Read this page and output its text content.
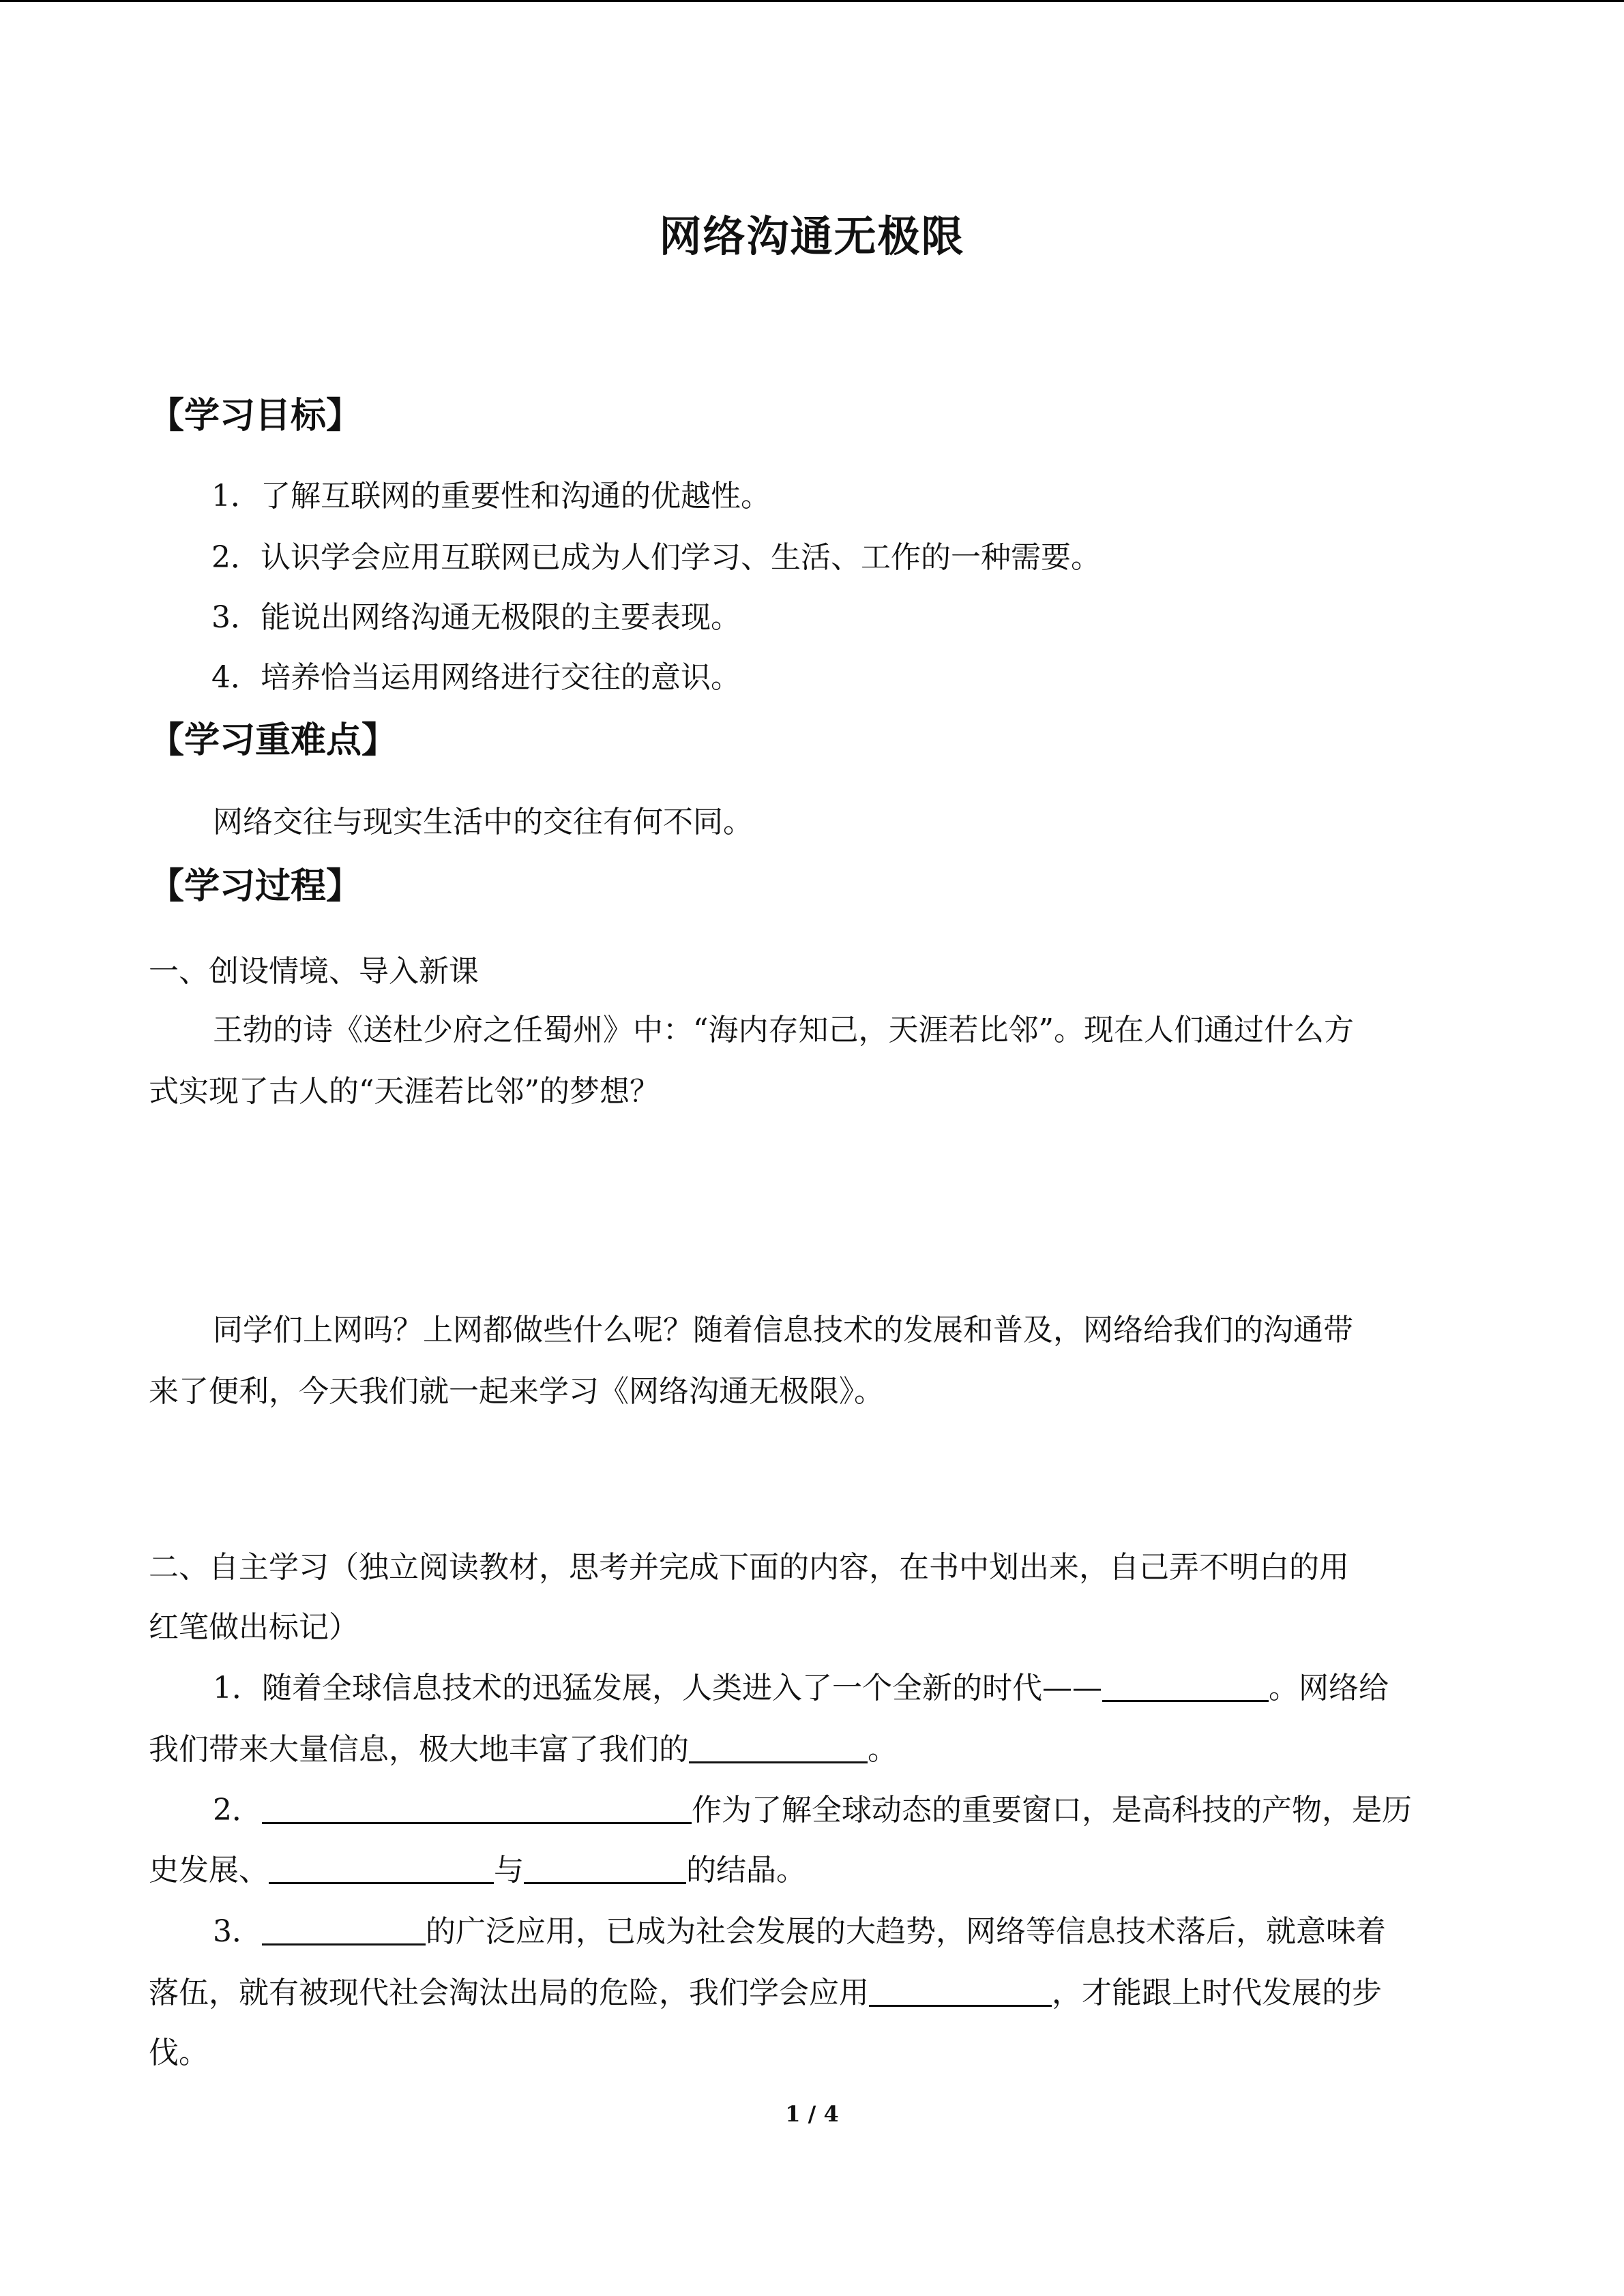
网络沟通无极限
【学习目标】
1．了解互联网的重要性和沟通的优越性。
2．认识学会应用互联网已成为人们学习、生活、工作的一种需要。
3．能说出网络沟通无极限的主要表现。
4．培养恰当运用网络进行交往的意识。
【学习重难点】
网络交往与现实生活中的交往有何不同。
【学习过程】
一、创设情境、导入新课
王勃的诗《送杜少府之任蜀州》中：“海内存知己，天涯若比邻”。现在人们通过什么方
式实现了古人的“天涯若比邻”的梦想？
同学们上网吗？上网都做些什么呢？随着信息技术的发展和普及，网络给我们的沟通带
来了便利，今天我们就一起来学习《网络沟通无极限》。
二、自主学习（独立阅读教材，思考并完成下面的内容，在书中划出来，自己弄不明白的用
红笔做出标记）
1．随着全球信息技术的迅猛发展，人类进入了一个全新的时代——	。网络给
我们带来大量信息，极大地丰富了我们的	。
2．	作为了解全球动态的重要窗口，是高科技的产物，是历
史发展、	与	的结晶。
3．	的广泛应用，已成为社会发展的大趋势，网络等信息技术落后，就意味着
落伍，就有被现代社会淘汰出局的危险，我们学会应用	，才能跟上时代发展的步
伐。
1 / 4
